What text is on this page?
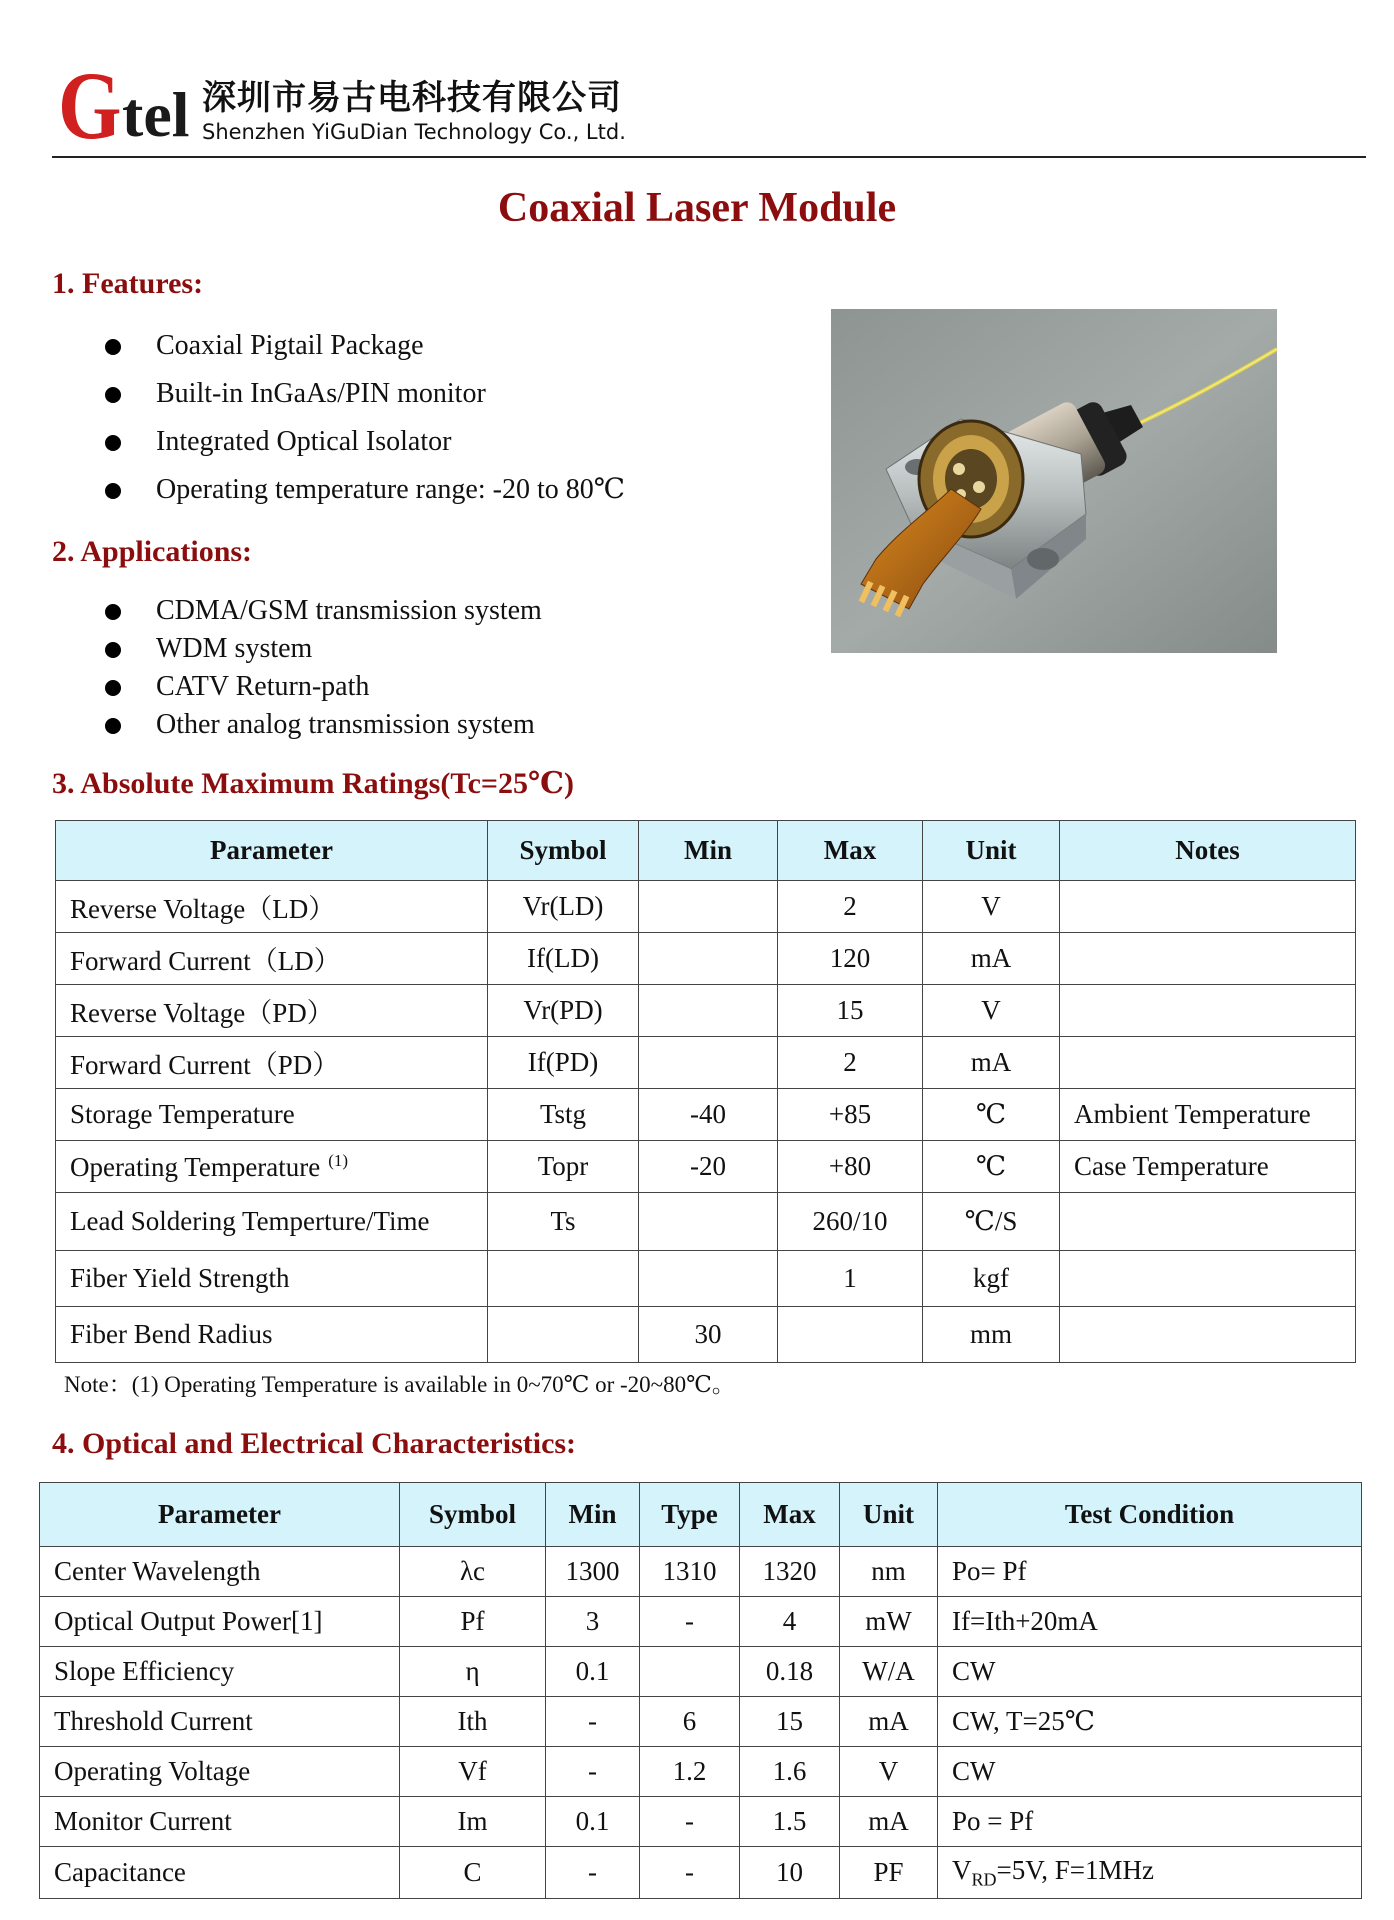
G tel 深圳市易古电科技有限公司
Shenzhen YiGuDian Technology Co., Ltd.
Coaxial Laser Module
1. Features:
Coaxial Pigtail Package
Built-in InGaAs/PIN monitor
Integrated Optical Isolator
Operating temperature range: -20 to 80℃
2. Applications:
CDMA/GSM transmission system
WDM system
CATV Return-path
Other analog transmission system
3. Absolute Maximum Ratings(Tc=25℃)
Parameter	Symbol	Min	Max	Unit	Notes
Reverse Voltage（LD）	Vr(LD)		2	V	
Forward Current（LD）	If(LD)		120	mA	
Reverse Voltage（PD）	Vr(PD)		15	V	
Forward Current（PD）	If(PD)		2	mA	
Storage Temperature	Tstg	-40	+85	℃	Ambient Temperature
Operating Temperature $^{(1)}$	Topr	-20	+80	℃	Case Temperature
Lead Soldering Temperture/Time	Ts		260/10	℃/S	
Fiber Yield Strength			1	kgf	
Fiber Bend Radius		30		mm	
Note：(1) Operating Temperature is available in 0~70℃ or -20~80℃。
4. Optical and Electrical Characteristics:
Parameter	Symbol	Min	Type	Max	Unit	Test Condition
Center Wavelength	λc	1300	1310	1320	nm	Po= Pf
Optical Output Power[1]	Pf	3	-	4	mW	If=Ith+20mA
Slope Efficiency	η	0.1		0.18	W/A	CW
Threshold Current	Ith	-	6	15	mA	CW, T=25℃
Operating Voltage	Vf	-	1.2	1.6	V	CW
Monitor Current	Im	0.1	-	1.5	mA	Po = Pf
Capacitance	C	-	-	10	PF	$V_{RD}=5V$, F=1MHz
